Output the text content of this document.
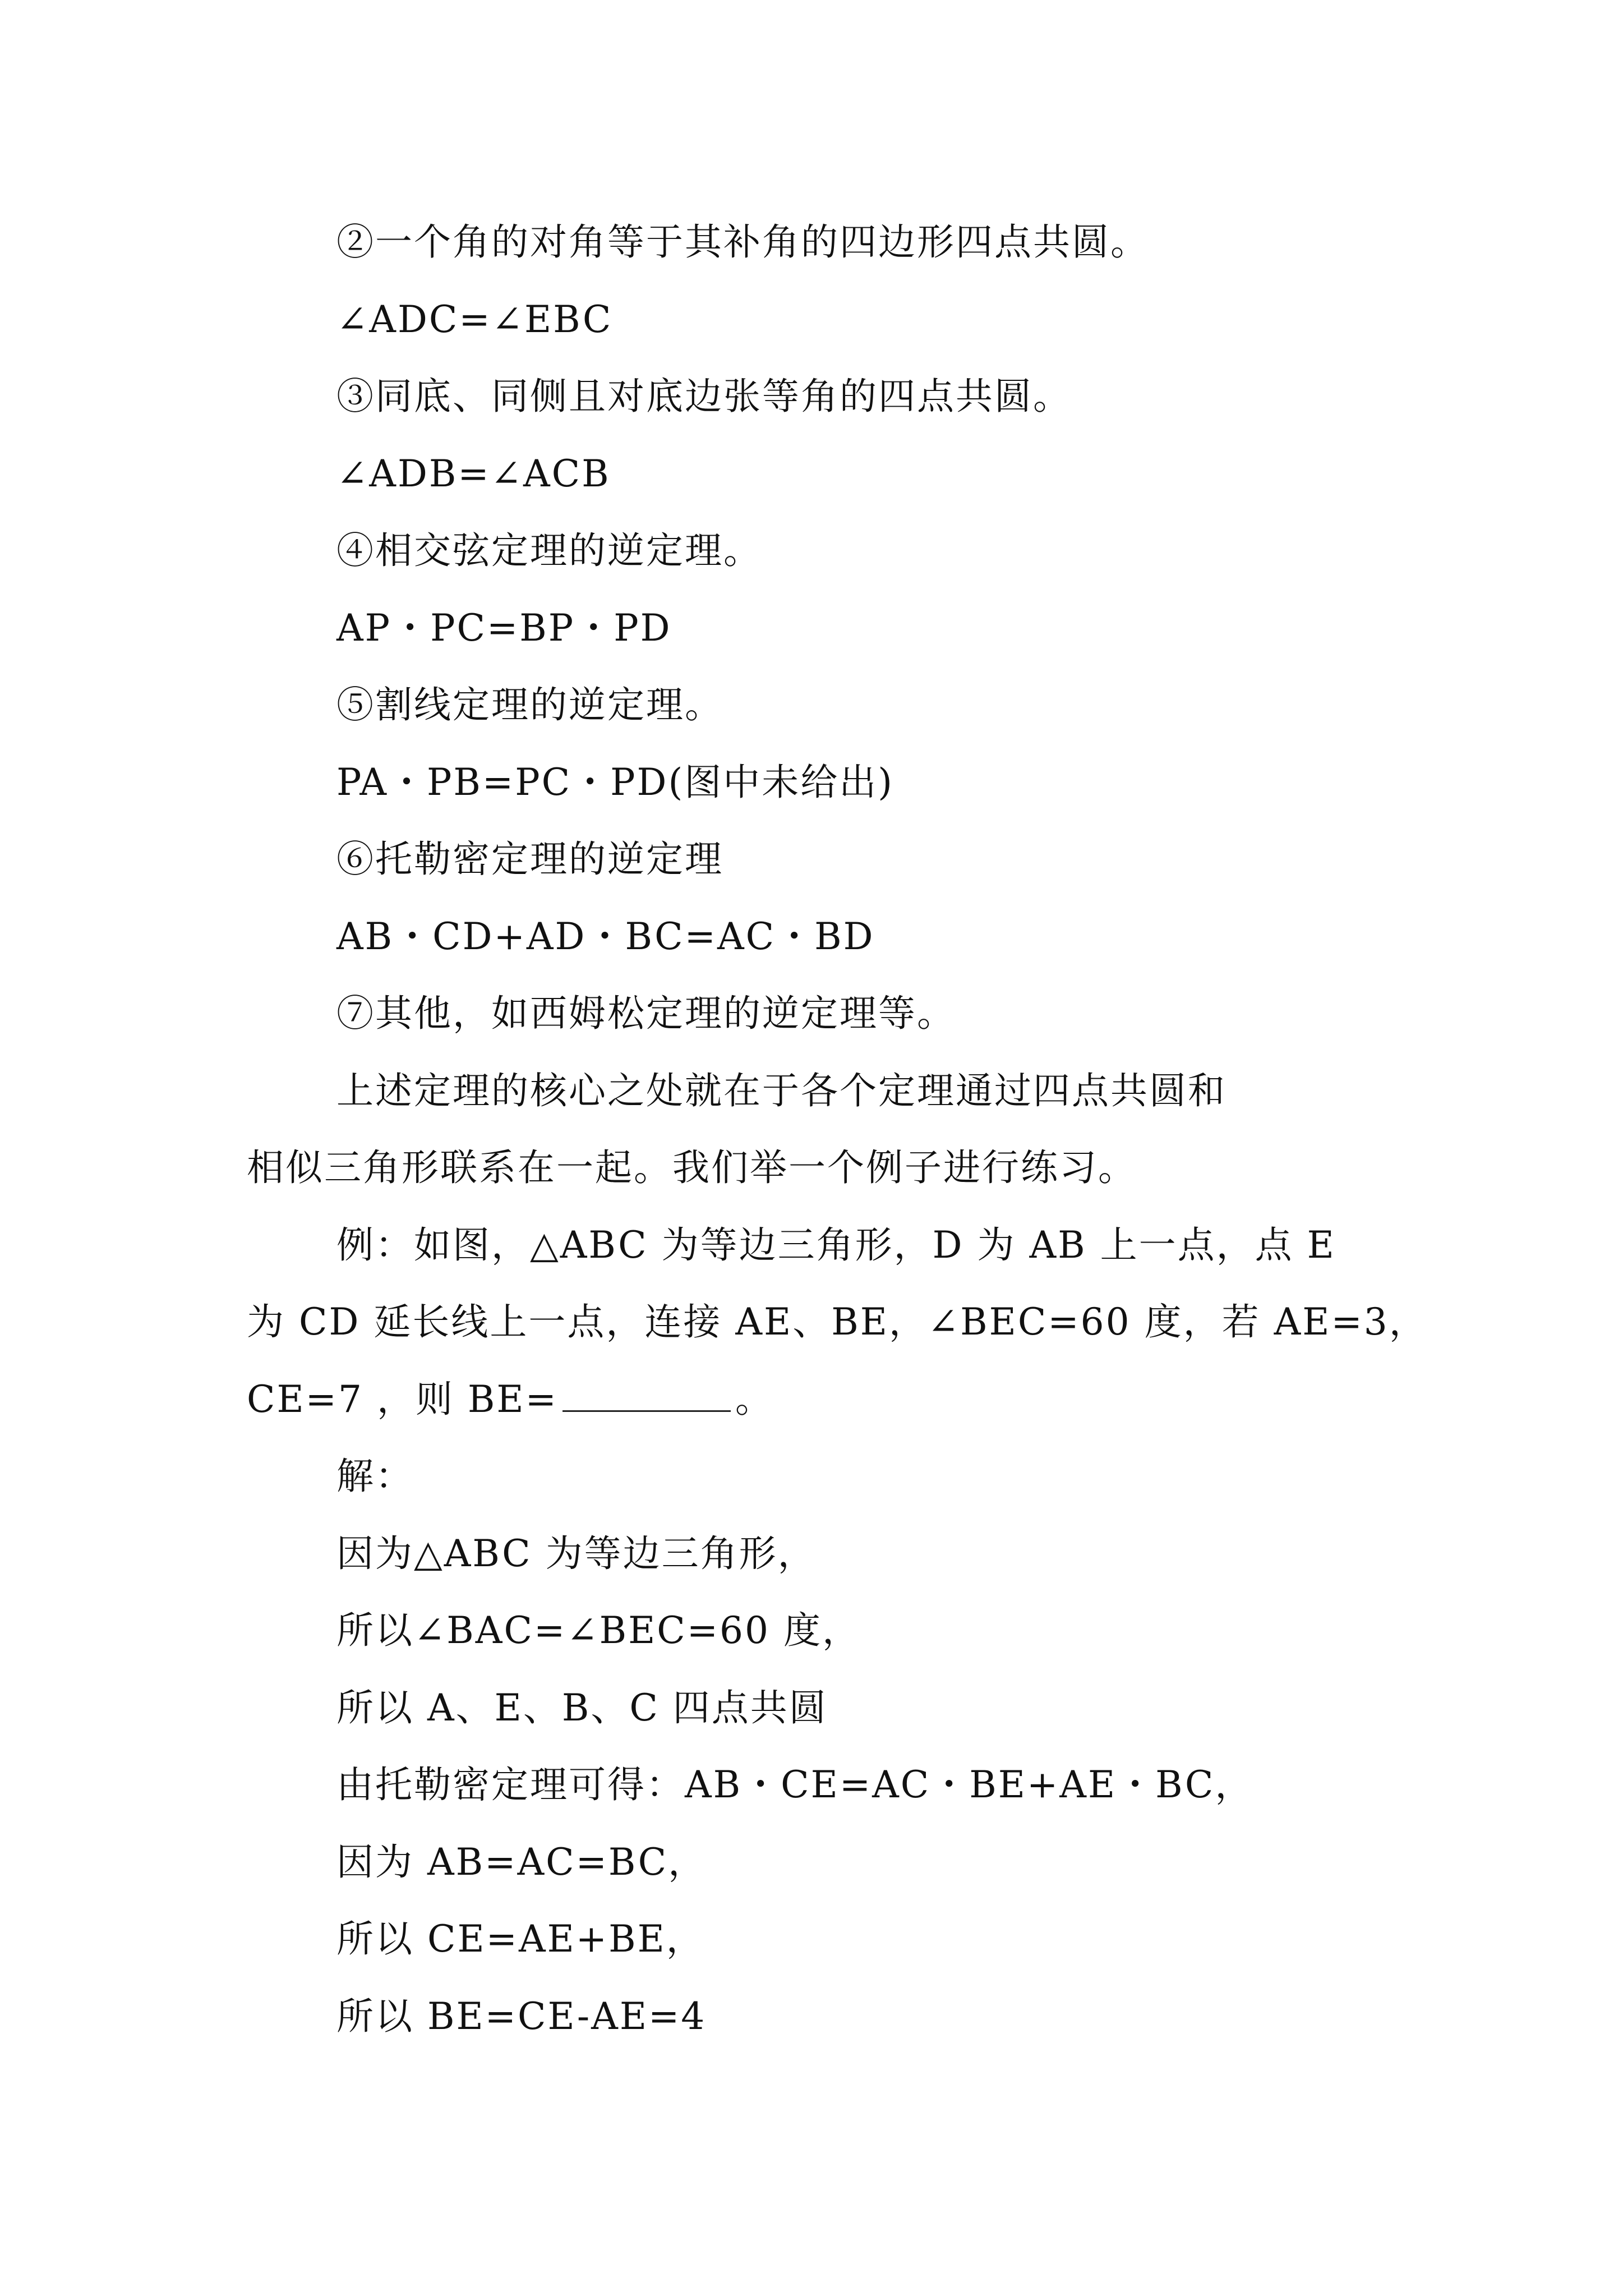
②一个角的对角等于其补角的四边形四点共圆。
∠ADC=∠EBC
③同底、同侧且对底边张等角的四点共圆。
∠ADB=∠ACB
④相交弦定理的逆定理。
AP・PC=BP・PD
⑤割线定理的逆定理。
PA・PB=PC・PD(图中未给出)
⑥托勒密定理的逆定理
AB・CD+AD・BC=AC・BD
⑦其他，如西姆松定理的逆定理等。
上述定理的核心之处就在于各个定理通过四点共圆和
相似三角形联系在一起。我们举一个例子进行练习。
例：如图，△ABC 为等边三角形，D 为 AB 上一点，点 E
为 CD 延长线上一点，连接 AE、BE，∠BEC=60 度，若 AE=3，
CE=7 ，则 BE=	。
解：
因为△ABC 为等边三角形，
所以∠BAC=∠BEC=60 度，
所以 A、E、B、C 四点共圆
由托勒密定理可得：AB・CE=AC・BE+AE・BC，
因为 AB=AC=BC，
所以 CE=AE+BE，
所以 BE=CE-AE=4
